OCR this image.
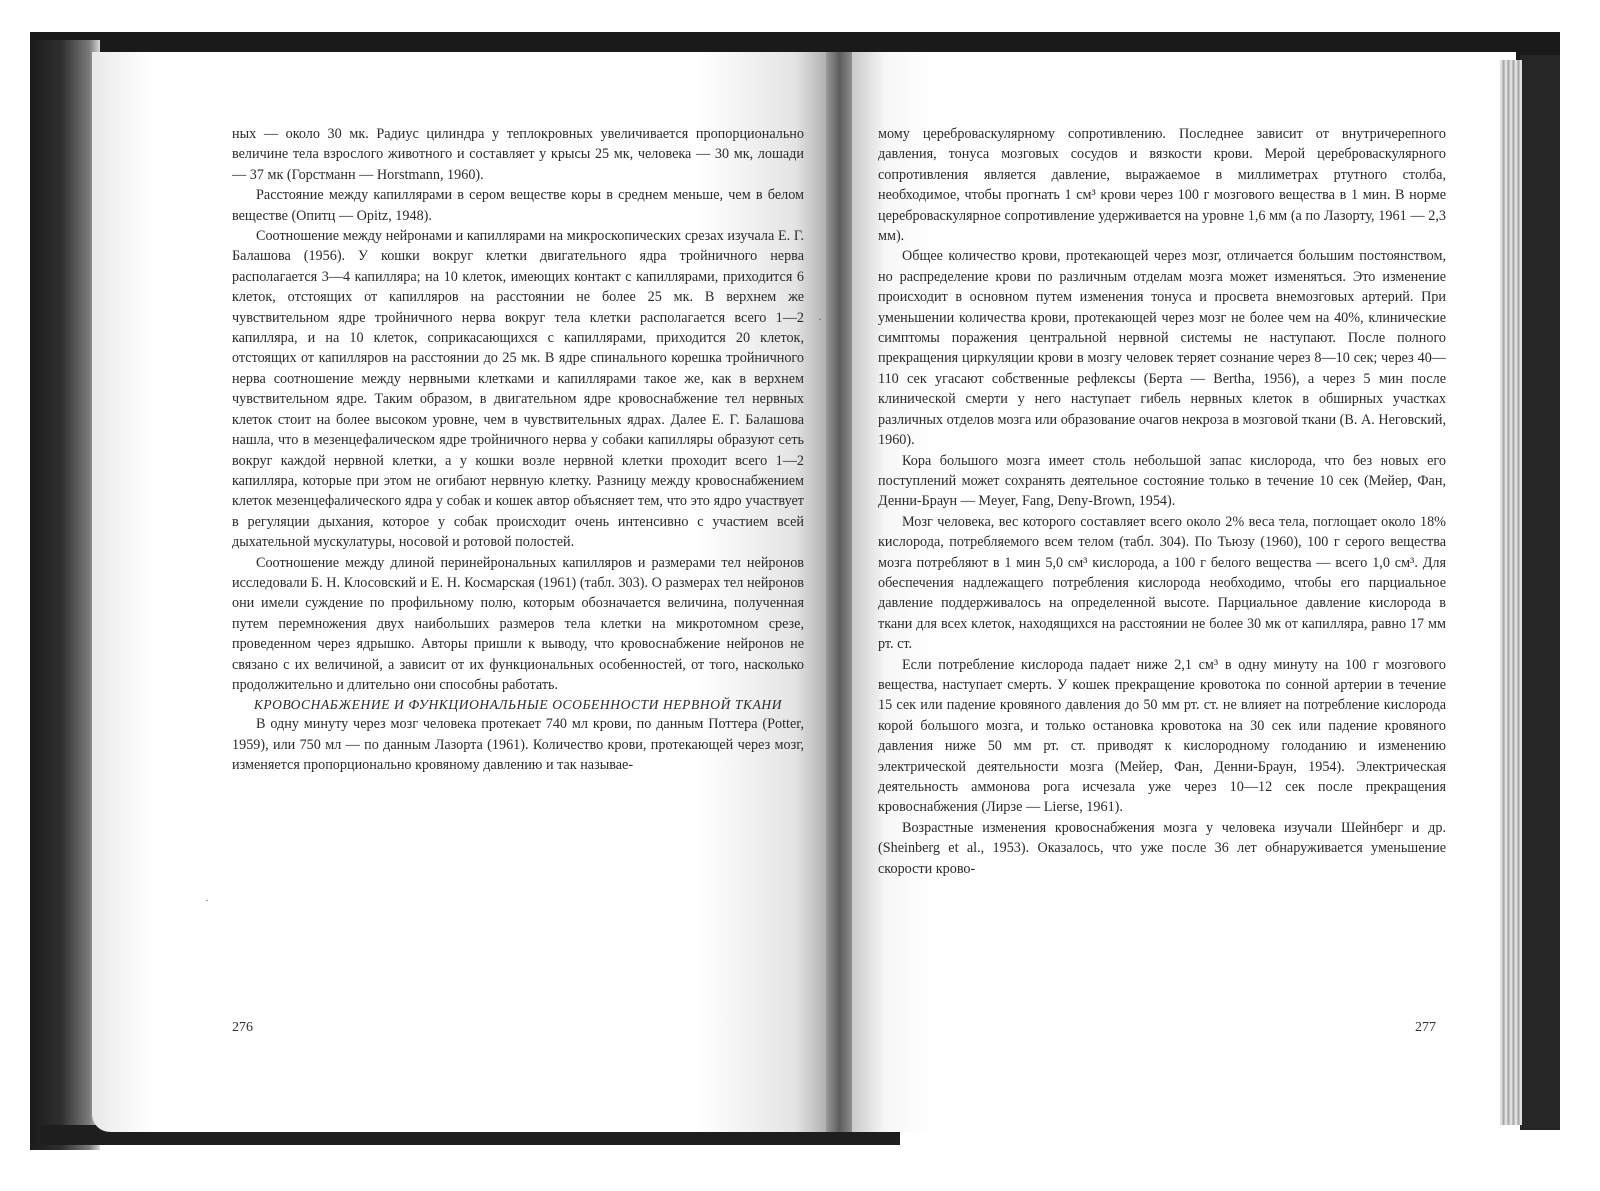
ных — около 30 мк. Радиус цилиндра у теплокровных увеличивается пропорционально величине тела взрослого животного и составляет у крысы 25 мк, человека — 30 мк, лошади — 37 мк (Горстманн — Horstmann, 1960).

Расстояние между капиллярами в сером веществе коры в среднем меньше, чем в белом веществе (Опитц — Opitz, 1948).

Соотношение между нейронами и капиллярами на микроскопических срезах изучала Е. Г. Балашова (1956). У кошки вокруг клетки двигательного ядра тройничного нерва располагается 3—4 капилляра; на 10 клеток, имеющих контакт с капиллярами, приходится 6 клеток, отстоящих от капилляров на расстоянии не более 25 мк. В верхнем же чувствительном ядре тройничного нерва вокруг тела клетки располагается всего 1—2 капилляра, и на 10 клеток, соприкасающихся с капиллярами, приходится 20 клеток, отстоящих от капилляров на расстоянии до 25 мк. В ядре спинального корешка тройничного нерва соотношение между нервными клетками и капиллярами такое же, как в верхнем чувствительном ядре. Таким образом, в двигательном ядре кровоснабжение тел нервных клеток стоит на более высоком уровне, чем в чувствительных ядрах. Далее Е. Г. Балашова нашла, что в мезенцефалическом ядре тройничного нерва у собаки капилляры образуют сеть вокруг каждой нервной клетки, а у кошки возле нервной клетки проходит всего 1—2 капилляра, которые при этом не огибают нервную клетку. Разницу между кровоснабжением клеток мезенцефалического ядра у собак и кошек автор объясняет тем, что это ядро участвует в регуляции дыхания, которое у собак происходит очень интенсивно с участием всей дыхательной мускулатуры, носовой и ротовой полостей.

Соотношение между длиной перинейрональных капилляров и размерами тел нейронов исследовали Б. Н. Клосовский и Е. Н. Космарская (1961) (табл. 303). О размерах тел нейронов они имели суждение по профильному полю, которым обозначается величина, полученная путем перемножения двух наибольших размеров тела клетки на микротомном срезе, проведенном через ядрышко. Авторы пришли к выводу, что кровоснабжение нейронов не связано с их величиной, а зависит от их функциональных особенностей, от того, насколько продолжительно и длительно они способны работать.

КРОВОСНАБЖЕНИЕ И ФУНКЦИОНАЛЬНЫЕ ОСОБЕННОСТИ НЕРВНОЙ ТКАНИ

В одну минуту через мозг человека протекает 740 мл крови, по данным Поттера (Potter, 1959), или 750 мл — по данным Лазорта (1961). Количество крови, протекающей через мозг, изменяется пропорционально кровяному давлению и так называе-

276

мому цереброваскулярному сопротивлению. Последнее зависит от внутричерепного давления, тонуса мозговых сосудов и вязкости крови. Мерой цереброваскулярного сопротивления является давление, выражаемое в миллиметрах ртутного столба, необходимое, чтобы прогнать 1 см³ крови через 100 г мозгового вещества в 1 мин. В норме цереброваскулярное сопротивление удерживается на уровне 1,6 мм (а по Лазорту, 1961 — 2,3 мм).

Общее количество крови, протекающей через мозг, отличается большим постоянством, но распределение крови по различным отделам мозга может изменяться. Это изменение происходит в основном путем изменения тонуса и просвета внемозговых артерий. При уменьшении количества крови, протекающей через мозг не более чем на 40%, клинические симптомы поражения центральной нервной системы не наступают. После полного прекращения циркуляции крови в мозгу человек теряет сознание через 8—10 сек; через 40—110 сек угасают собственные рефлексы (Берта — Bertha, 1956), а через 5 мин после клинической смерти у него наступает гибель нервных клеток в обширных участках различных отделов мозга или образование очагов некроза в мозговой ткани (В. А. Неговский, 1960).

Кора большого мозга имеет столь небольшой запас кислорода, что без новых его поступлений может сохранять деятельное состояние только в течение 10 сек (Мейер, Фан, Денни-Браун — Meyer, Fang, Deny-Brown, 1954).

Мозг человека, вес которого составляет всего около 2% веса тела, поглощает около 18% кислорода, потребляемого всем телом (табл. 304). По Тьюзу (1960), 100 г серого вещества мозга потребляют в 1 мин 5,0 см³ кислорода, а 100 г белого вещества — всего 1,0 см³. Для обеспечения надлежащего потребления кислорода необходимо, чтобы его парциальное давление поддерживалось на определенной высоте. Парциальное давление кислорода в ткани для всех клеток, находящихся на расстоянии не более 30 мк от капилляра, равно 17 мм рт. ст.

Если потребление кислорода падает ниже 2,1 см³ в одну минуту на 100 г мозгового вещества, наступает смерть. У кошек прекращение кровотока по сонной артерии в течение 15 сек или падение кровяного давления до 50 мм рт. ст. не влияет на потребление кислорода корой большого мозга, и только остановка кровотока на 30 сек или падение кровяного давления ниже 50 мм рт. ст. приводят к кислородному голоданию и изменению электрической деятельности мозга (Мейер, Фан, Денни-Браун, 1954). Электрическая деятельность аммонова рога исчезала уже через 10—12 сек после прекращения кровоснабжения (Лирзе — Lierse, 1961).

Возрастные изменения кровоснабжения мозга у человека изучали Шейнберг и др. (Sheinberg et al., 1953). Оказалось, что уже после 36 лет обнаруживается уменьшение скорости крово-

277
·
·
